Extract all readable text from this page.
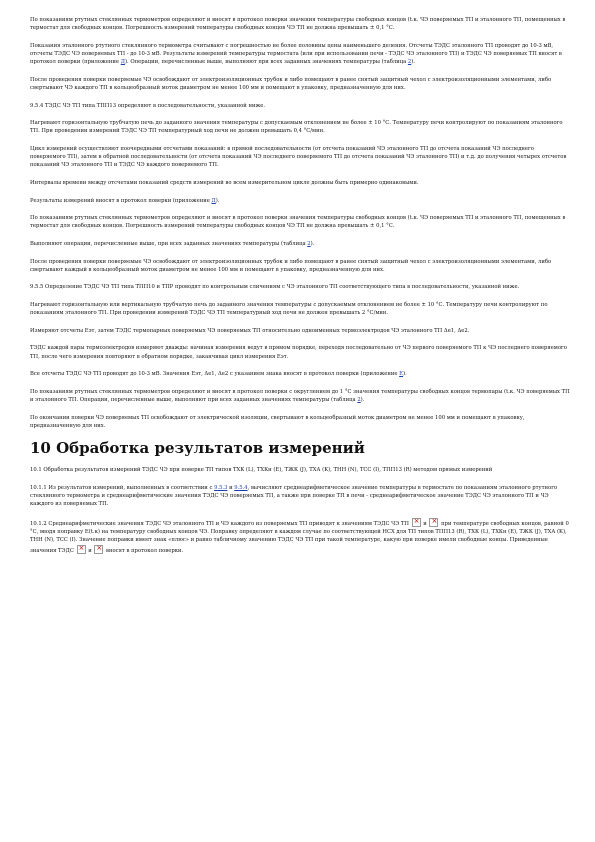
По показаниям ртутных стеклянных термометров определяют и вносят в протокол поверки значения температуры свободных концов (t.к. ЧЭ поверяемых ТП и эталонного ТП, помещенных в термостат для свободных концов. Погрешность измерений температуры свободных концов ЧЭ ТП не должна превышать ± 0,1 °С.

Показания эталонного ртутного стеклянного термометра считывают с погрешностью не более половины цены наименьшего деления. Отсчеты ТЭДС эталонного ТП проводят до 10-3 мВ, отсчеты ТЭДС ЧЭ поверяемых ТП - до 10-3 мВ. Результаты измерений температуры термостата (или при использовании печи - ТЭДС ЧЭ эталонного ТП) и ТЭДС ЧЭ поверяемых ТП вносят в протокол поверки (приложение Д). Операции, перечисленные выше, выполняют при всех заданных значениях температуры (таблица 2).

После проведения поверки поверяемые ЧЭ освобождают от электроизоляционных трубок и либо помещают в ранее снятый защитный чехол с электроизоляционными элементами, либо свертывают ЧЭ каждого ТП в кольцеобразный моток диаметром не менее 100 мм и помещают в упаковку, предназначенную для них.

9.5.4 ТЭДС ЧЭ ТП типа ТПП13 определяют в последовательности, указанной ниже.

Нагревают горизонтальную трубчатую печь до заданного значения температуры с допускаемым отклонением не более ± 10 °С. Температуру печи контролируют по показаниям эталонного ТП. При проведении измерений ТЭДС ЧЭ ТП температурный ход печи не должен превышать 0,4 °С/мин.

Цикл измерений осуществляют поочередными отсчетами показаний: в прямой последовательности (от отсчета показаний ЧЭ эталонного ТП до отсчета показаний ЧЭ последнего поверяемого ТП), затем в обратной последовательности (от отсчета показаний ЧЭ последнего поверяемого ТП до отсчета показаний ЧЭ эталонного ТП) и т.д. до получения четырех отсчетов показаний ЧЭ эталонного ТП и ТЭДС ЧЭ каждого поверяемого ТП.

Интервалы времени между отсчетами показаний средств измерений во всем измерительном цикле должны быть примерно одинаковыми.

Результаты измерений вносят в протокол поверки (приложение Д).

По показаниям ртутных стеклянных термометров определяют и вносят в протокол поверки значения температуры свободных концов (t.к. ЧЭ поверяемых ТП и эталонного ТП, помещенных в термостат для свободных концов. Погрешность измерений температуры свободных концов ЧЭ ТП не должна превышать ± 0,1 °С.

Выполняют операции, перечисленные выше, при всех заданных значениях температуры (таблица 2).

После проведения поверки поверяемые ЧЭ освобождают от электроизоляционных трубок и либо помещают в ранее снятый защитный чехол с электроизоляционными элементами, либо свертывают каждый в кольцеобразный моток диаметром не менее 100 мм и помещают в упаковку, предназначенную для них.

9.5.5 Определение ТЭДС ЧЭ ТП типа ТПП10 и ТПР проводят по контрольным сличениям с ЧЭ эталонного ТП соответствующего типа в последовательности, указанной ниже.

Нагревают горизонтальную или вертикальную трубчатую печь до заданного значения температуры с допускаемым отклонением не более ± 10 °С. Температуру печи контролируют по показаниям эталонного ТП. При проведении измерений ТЭДС ЧЭ ТП температурный ход печи не должен превышать 2 °С/мин.

Измеряют отсчеты Еэт, затем ТЭДС термопарных поверяемых ЧЭ поверяемых ТП относительно одноименных термоэлектродов ЧЭ эталонного ТП Δe1, Δe2.

ТЭДС каждой пары термоэлектродов измеряют дважды: начиная измерения ведут в прямом порядке, переходя последовательно от ЧЭ первого поверяемого ТП к ЧЭ последнего поверяемого ТП, после чего измерения повторяют в обратном порядке, заканчивая цикл измерения Еэт.

Все отсчеты ТЭДС ЧЭ ТП проводят до 10-3 мВ. Значения Еэт, Δe1, Δe2 с указанием знака вносят в протокол поверки (приложение Е).

По показаниям ртутных стеклянных термометров определяют и вносят в протокол поверки с округлением до 1 °С значения температуры свободных концов термопары (t.к. ЧЭ поверяемых ТП и эталонного ТП. Операции, перечисленные выше, выполняют при всех заданных значениях температуры (таблица 2).

По окончании поверки ЧЭ поверяемых ТП освобождают от электрической изоляции, свертывают в кольцеобразный моток диаметром не менее 100 мм и помещают в упаковку, предназначенную для них.

10 Обработка результатов измерений

10.1 Обработка результатов измерений ТЭДС ЧЭ при поверке ТП типов ТХК (L), ТХКн (E), ТЖК (J), ТХА (K), ТНН (N), ТСС (I), ТПП13 (R) методом прямых измерений

10.1.1 Из результатов измерений, выполненных в соответствии с 9.5.3 и 9.5.4, вычисляют среднеарифметическое значение температуры в термостате по показаниям эталонного ртутного стеклянного термометра и среднеарифметические значения ТЭДС ЧЭ поверяемых ТП, а также при поверке ТП в печи - среднеарифметическое значение ТЭДС ЧЭ эталонного ТП и ЧЭ каждого из поверяемых ТП.

10.1.2 Среднеарифметические значения ТЭДС ЧЭ эталонного ТП и ЧЭ каждого из поверяемых ТП приводят к значениям ТЭДС ЧЭ ТП × и × при температуре свободных концов, равной 0 °С, вводя поправку E(t.к) на температуру свободных концов ЧЭ. Поправку определяют в каждом случае по соответствующей НСХ для ТП типов ТПП13 (R), ТХК (L), ТХКн (E), ТЖК (J), ТХА (K), ТНН (N), ТСС (I). Значение поправки имеет знак «плюс» и равно табличному значению ТЭДС ЧЭ ТП при такой температуре, какую при поверке имели свободные концы. Приведенные значения ТЭДС × и × вносят в протокол поверки.
